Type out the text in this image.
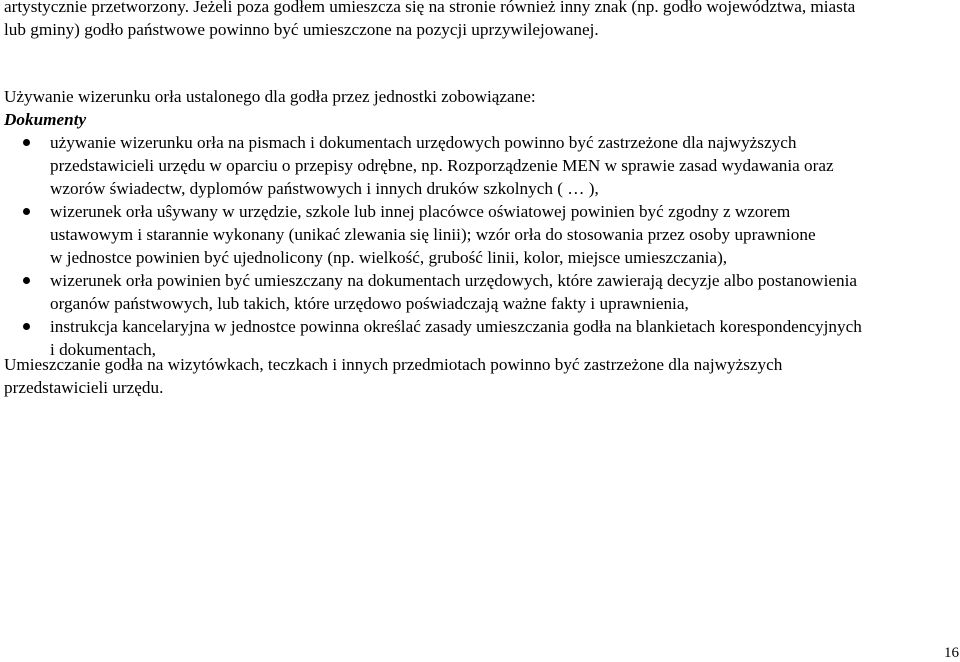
artystycznie przetworzony. Jeżeli poza godłem umieszcza się na stronie również inny znak (np. godło województwa, miasta
lub gminy) godło państwowe powinno być umieszczone na pozycji uprzywilejowanej.

Używanie wizerunku orła ustalonego dla godła przez jednostki zobowiązane:

Dokumenty

używanie wizerunku orła na pismach i dokumentach urzędowych powinno być zastrzeżone dla najwyższych
przedstawicieli urzędu w oparciu o przepisy odrębne, np. Rozporządzenie MEN w sprawie zasad wydawania oraz
wzorów świadectw, dyplomów państwowych i innych druków szkolnych ( … ),
wizerunek orła uŝywany w urzędzie, szkole lub innej placówce oświatowej powinien być zgodny z wzorem
ustawowym i starannie wykonany (unikać zlewania się linii); wzór orła do stosowania przez osoby uprawnione
w jednostce powinien być ujednolicony (np. wielkość, grubość linii, kolor, miejsce umieszczania),
wizerunek orła powinien być umieszczany na dokumentach urzędowych, które zawierają decyzje albo postanowienia
organów państwowych, lub takich, które urzędowo poświadczają ważne fakty i uprawnienia,
instrukcja kancelaryjna w jednostce powinna określać zasady umieszczania godła na blankietach korespondencyjnych
i dokumentach,

Umieszczanie godła na wizytówkach, teczkach i innych przedmiotach powinno być zastrzeżone dla najwyższych
przedstawicieli urzędu.

16
